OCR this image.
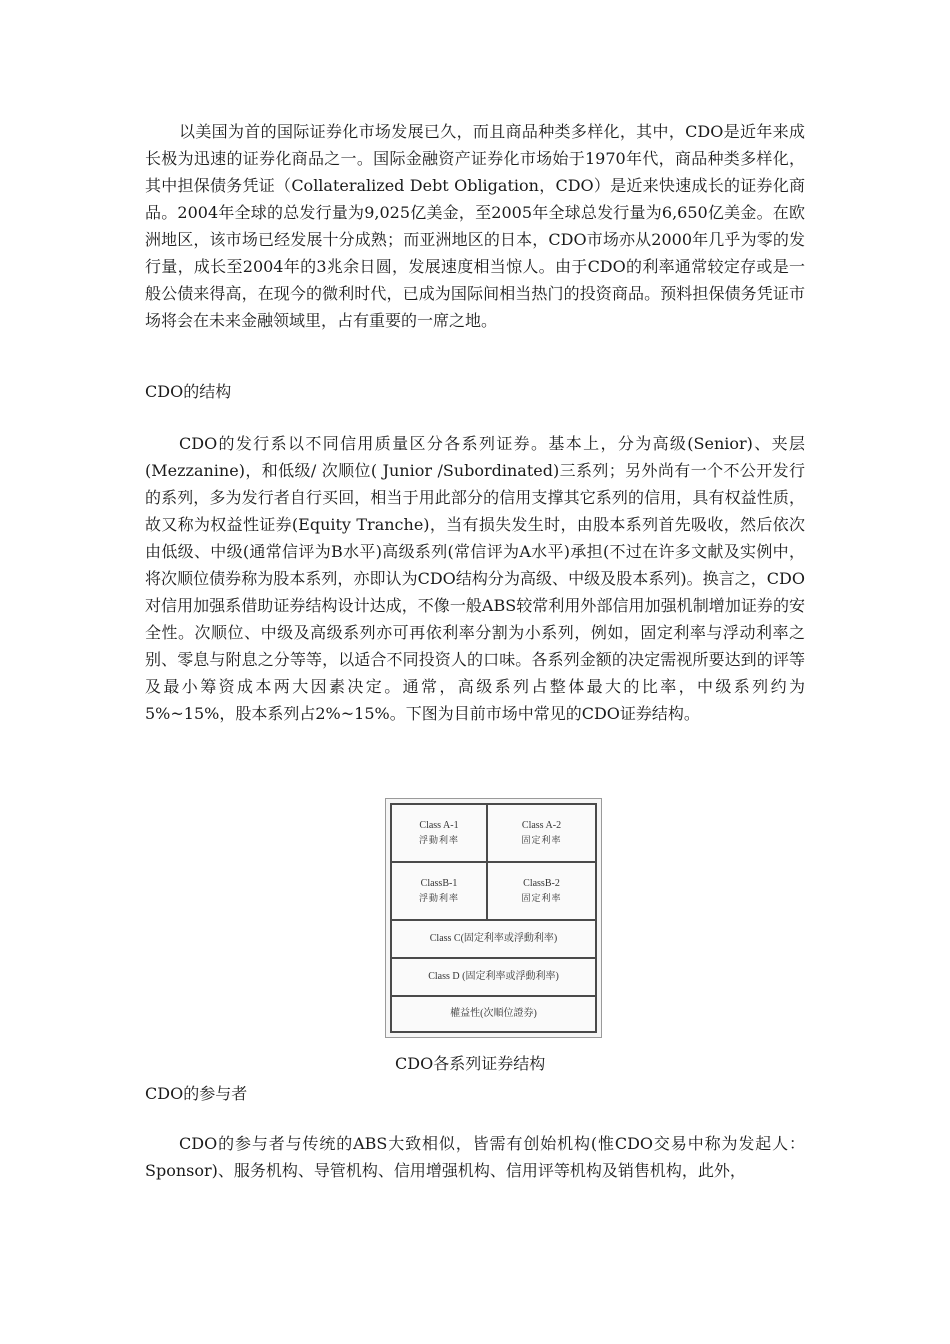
以美国为首的国际证券化市场发展已久，而且商品种类多样化，其中，CDO是近年来成长极为迅速的证券化商品之一。国际金融资产证券化市场始于1970年代，商品种类多样化，其中担保债务凭证（Collateralized Debt Obligation，CDO）是近来快速成长的证券化商品。2004年全球的总发行量为9,025亿美金，至2005年全球总发行量为6,650亿美金。在欧洲地区，该市场已经发展十分成熟；而亚洲地区的日本，CDO市场亦从2000年几乎为零的发行量，成长至2004年的3兆余日圆，发展速度相当惊人。由于CDO的利率通常较定存或是一般公债来得高，在现今的微利时代，已成为国际间相当热门的投资商品。预料担保债务凭证市场将会在未来金融领域里，占有重要的一席之地。

CDO的结构

CDO的发行系以不同信用质量区分各系列证券。基本上，分为高级(Senior)、夹层(Mezzanine)，和低级/ 次顺位( Junior /Subordinated)三系列；另外尚有一个不公开发行的系列，多为发行者自行买回，相当于用此部分的信用支撑其它系列的信用，具有权益性质，故又称为权益性证券(Equity Tranche)，当有损失发生时，由股本系列首先吸收，然后依次由低级、中级(通常信评为B水平)高级系列(常信评为A水平)承担(不过在许多文献及实例中，将次顺位债券称为股本系列，亦即认为CDO结构分为高级、中级及股本系列)。换言之，CDO对信用加强系借助证券结构设计达成，不像一般ABS较常利用外部信用加强机制增加证券的安全性。次顺位、中级及高级系列亦可再依利率分割为小系列，例如，固定利率与浮动利率之别、零息与附息之分等等，以适合不同投资人的口味。各系列金额的决定需视所要达到的评等及最小筹资成本两大因素决定。通常，高级系列占整体最大的比率，中级系列约为5%~15%，股本系列占2%~15%。下图为目前市场中常见的CDO证券结构。

Class A-1
浮動利率
Class A-2
固定利率
ClassB-1
浮動利率
ClassB-2
固定利率
Class C(固定利率或浮動利率)
Class D (固定利率或浮動利率)
權益性(次順位證券)
CDO各系列证券结构

CDO的参与者

CDO的参与者与传统的ABS大致相似，皆需有创始机构(惟CDO交易中称为发起人：Sponsor)、服务机构、导管机构、信用增强机构、信用评等机构及销售机构，此外，
